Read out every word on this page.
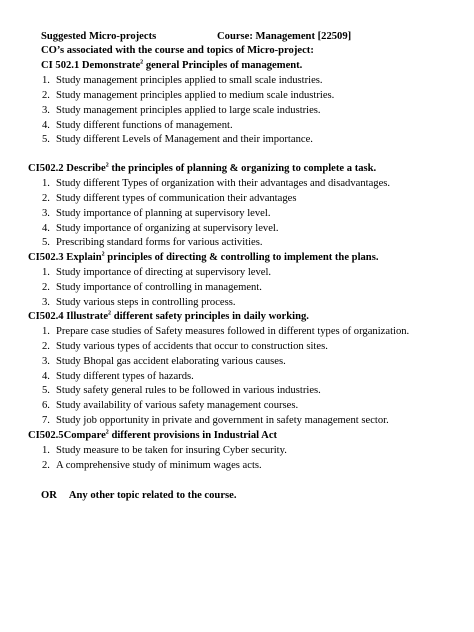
Suggested Micro-projects	Course: Management [22509]
CO’s associated with the course and topics of Micro-project:
CI 502.1 Demonstrate$^2$ general Principles of management.
1. Study management principles applied to small scale industries.
2. Study management principles applied to medium scale industries.
3. Study management principles applied to large scale industries.
4. Study different functions of management.
5. Study different Levels of Management and their importance.
CI502.2 Describe$^2$ the principles of planning & organizing to complete a task.
1. Study different Types of organization with their advantages and disadvantages.
2. Study different types of communication their advantages
3. Study importance of planning at supervisory level.
4. Study importance of organizing at supervisory level.
5. Prescribing standard forms for various activities.
CI502.3 Explain$^2$ principles of directing & controlling to implement the plans.
1. Study importance of directing at supervisory level.
2. Study importance of controlling in management.
3. Study various steps in controlling process.
CI502.4 Illustrate$^2$ different safety principles in daily working.
1. Prepare case studies of Safety measures followed in different types of organization.
2. Study various types of accidents that occur to construction sites.
3. Study Bhopal gas accident elaborating various causes.
4. Study different types of hazards.
5. Study safety general rules to be followed in various industries.
6. Study availability of various safety management courses.
7. Study job opportunity in private and government in safety management sector.
CI502.5Compare$^2$ different provisions in Industrial Act
1. Study measure to be taken for insuring Cyber security.
2. A comprehensive study of minimum wages acts.
OR Any other topic related to the course.
